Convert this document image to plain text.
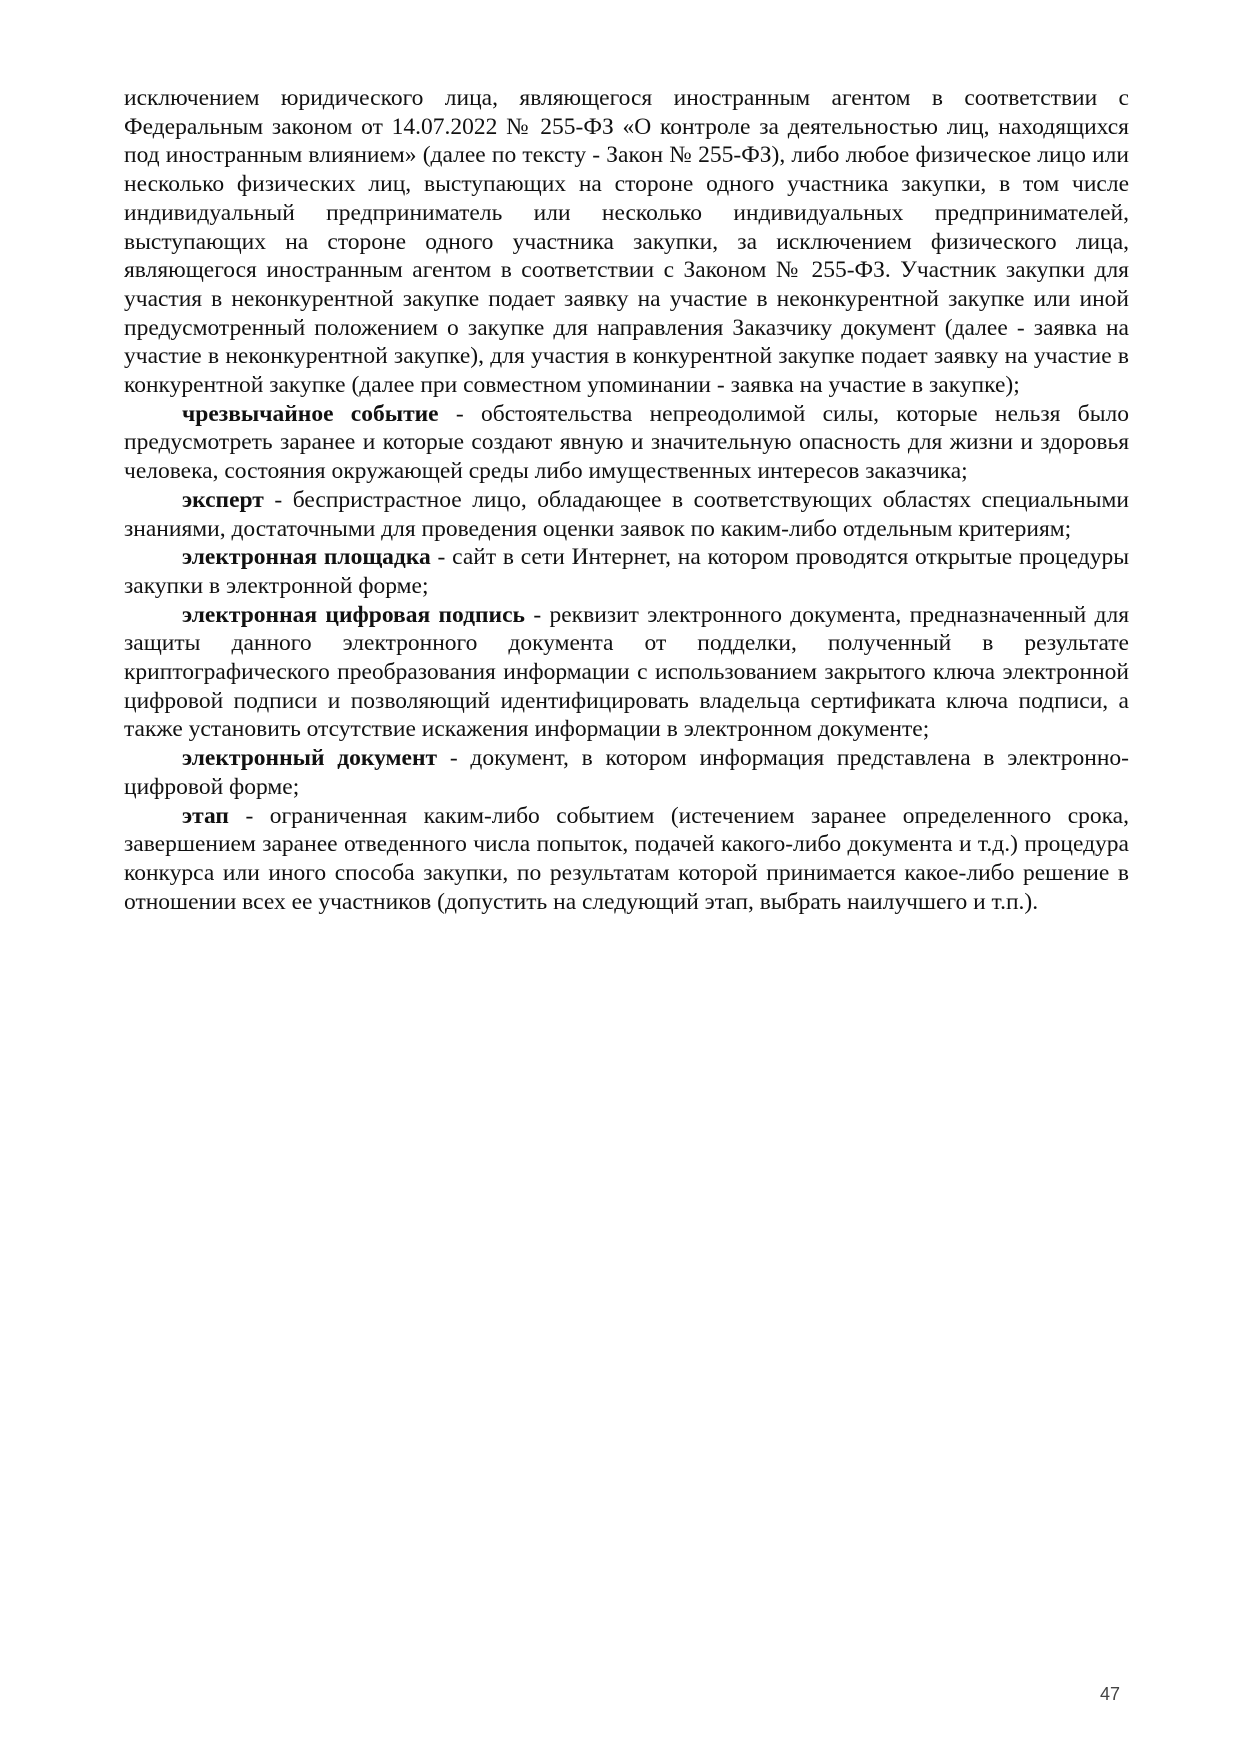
исключением юридического лица, являющегося иностранным агентом в соответствии с Федеральным законом от 14.07.2022 № 255-ФЗ «О контроле за деятельностью лиц, находящихся под иностранным влиянием» (далее по тексту - Закон № 255-ФЗ), либо любое физическое лицо или несколько физических лиц, выступающих на стороне одного участника закупки, в том числе индивидуальный предприниматель или несколько индивидуальных предпринимателей, выступающих на стороне одного участника закупки, за исключением физического лица, являющегося иностранным агентом в соответствии с Законом № 255-ФЗ. Участник закупки для участия в неконкурентной закупке подает заявку на участие в неконкурентной закупке или иной предусмотренный положением о закупке для направления Заказчику документ (далее - заявка на участие в неконкурентной закупке), для участия в конкурентной закупке подает заявку на участие в конкурентной закупке (далее при совместном упоминании - заявка на участие в закупке);

чрезвычайное событие - обстоятельства непреодолимой силы, которые нельзя было предусмотреть заранее и которые создают явную и значительную опасность для жизни и здоровья человека, состояния окружающей среды либо имущественных интересов заказчика;

эксперт - беспристрастное лицо, обладающее в соответствующих областях специальными знаниями, достаточными для проведения оценки заявок по каким-либо отдельным критериям;

электронная площадка - сайт в сети Интернет, на котором проводятся открытые процедуры закупки в электронной форме;

электронная цифровая подпись - реквизит электронного документа, предназначенный для защиты данного электронного документа от подделки, полученный в результате криптографического преобразования информации с использованием закрытого ключа электронной цифровой подписи и позволяющий идентифицировать владельца сертификата ключа подписи, а также установить отсутствие искажения информации в электронном документе;

электронный документ - документ, в котором информация представлена в электронно-цифровой форме;

этап - ограниченная каким-либо событием (истечением заранее определенного срока, завершением заранее отведенного числа попыток, подачей какого-либо документа и т.д.) процедура конкурса или иного способа закупки, по результатам которой принимается какое-либо решение в отношении всех ее участников (допустить на следующий этап, выбрать наилучшего и т.п.).

47
